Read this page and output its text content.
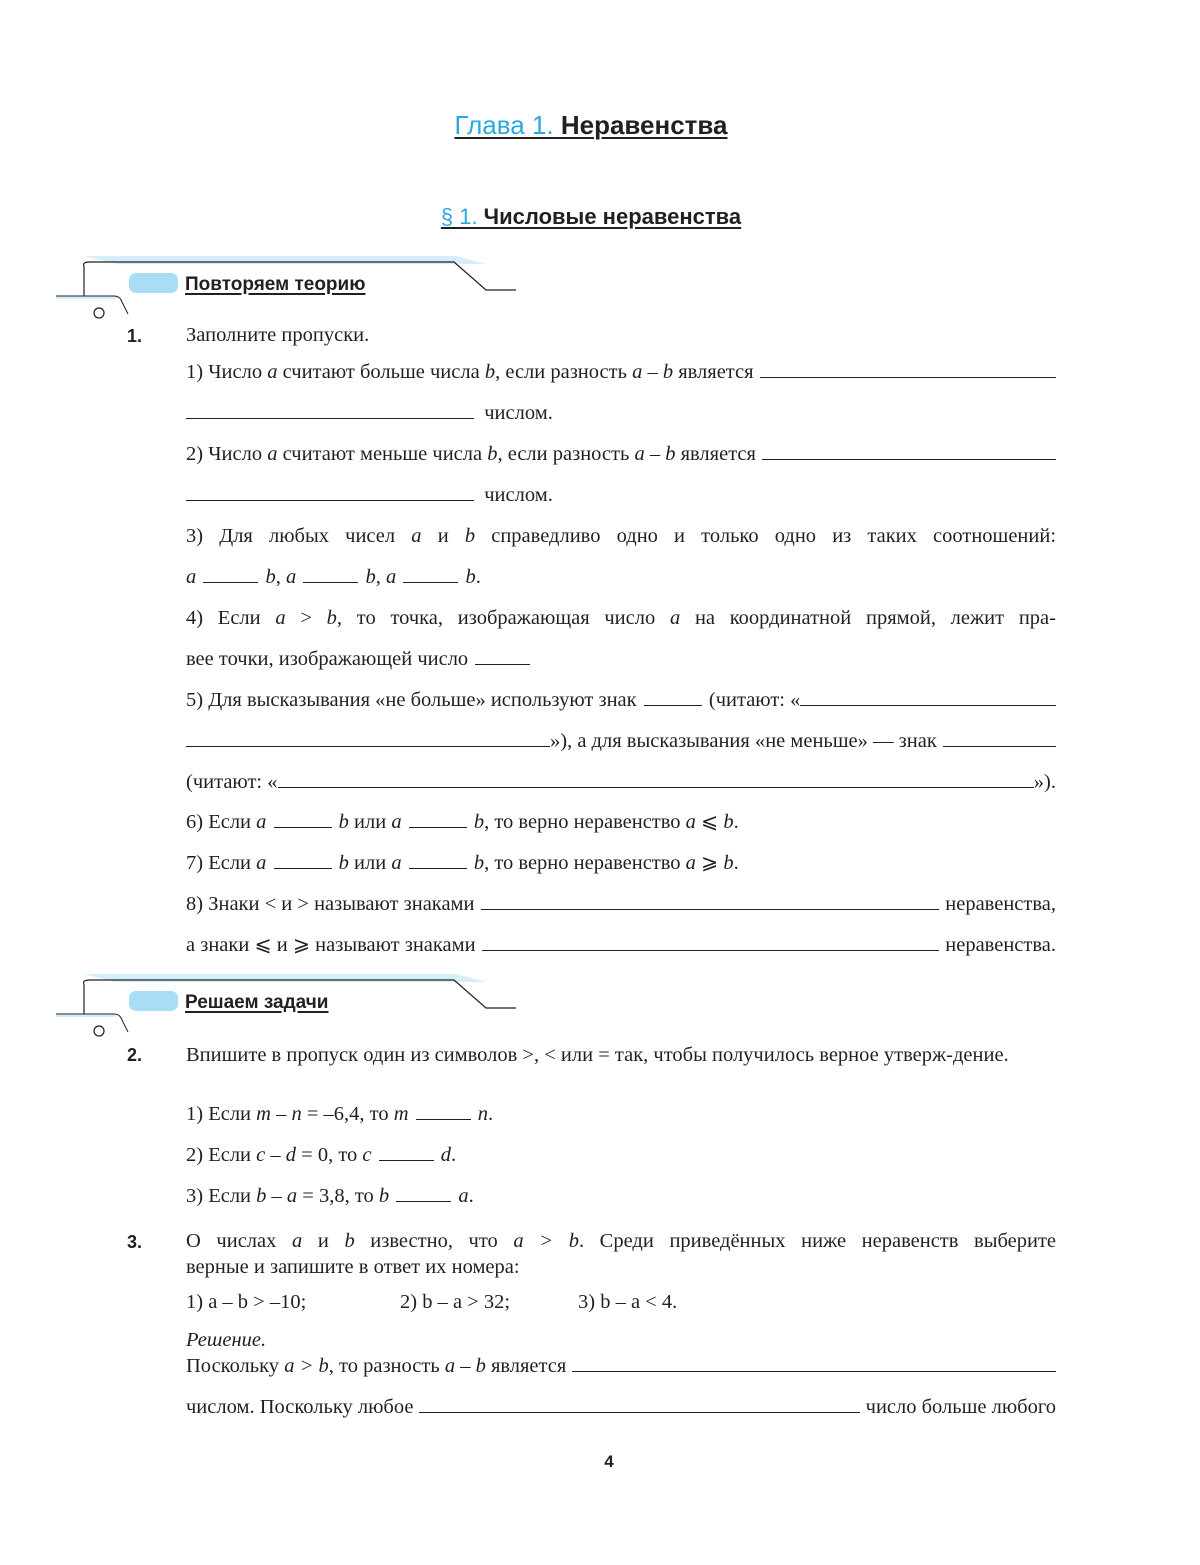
Глава 1. Неравенства
§ 1. Числовые неравенства
Повторяем теорию
1. Заполните пропуски.
1) Число
a
считают больше числа
b , если разность
a – b
является
числом.
2) Число
a
считают меньше числа
b , если разность
a – b
является
числом.
3) Для любых чисел a и b справедливо одно и только одно из таких соотношений:
a	b, a	b, a	b.
4) Если a > b, то точка, изображающая число a на координатной прямой, лежит пра-
вее точки, изображающей число
5) Для высказывания «не больше» используют знак

	(читают: «
»), а для высказывания «не меньше» — знак
(читают: «	»).
6) Если a	b или a	b, то верно неравенство a ⩽ b.
7) Если a	b или a	b, то верно неравенство a ⩾ b.
8) Знаки < и > называют знаками	неравенства,
а знаки ⩽ и ⩾ называют знаками	неравенства.
Решаем задачи
2. Впишите в пропуск один из символов >, < или = так, чтобы получилось верное утверж-дение.
1) Если m – n = –6,4, то m	n.
2) Если c – d = 0, то c	d.
3) Если b – a = 3,8, то b	a.
3. О числах a и b известно, что a > b. Среди приведённых ниже неравенств выберите
верные и запишите в ответ их номера:
1) a – b > –10;	2) b – a > 32;	3) b – a < 4.
Решение.
Поскольку
a > b , то разность
a – b
является
числом. Поскольку любое	число больше любого
4
